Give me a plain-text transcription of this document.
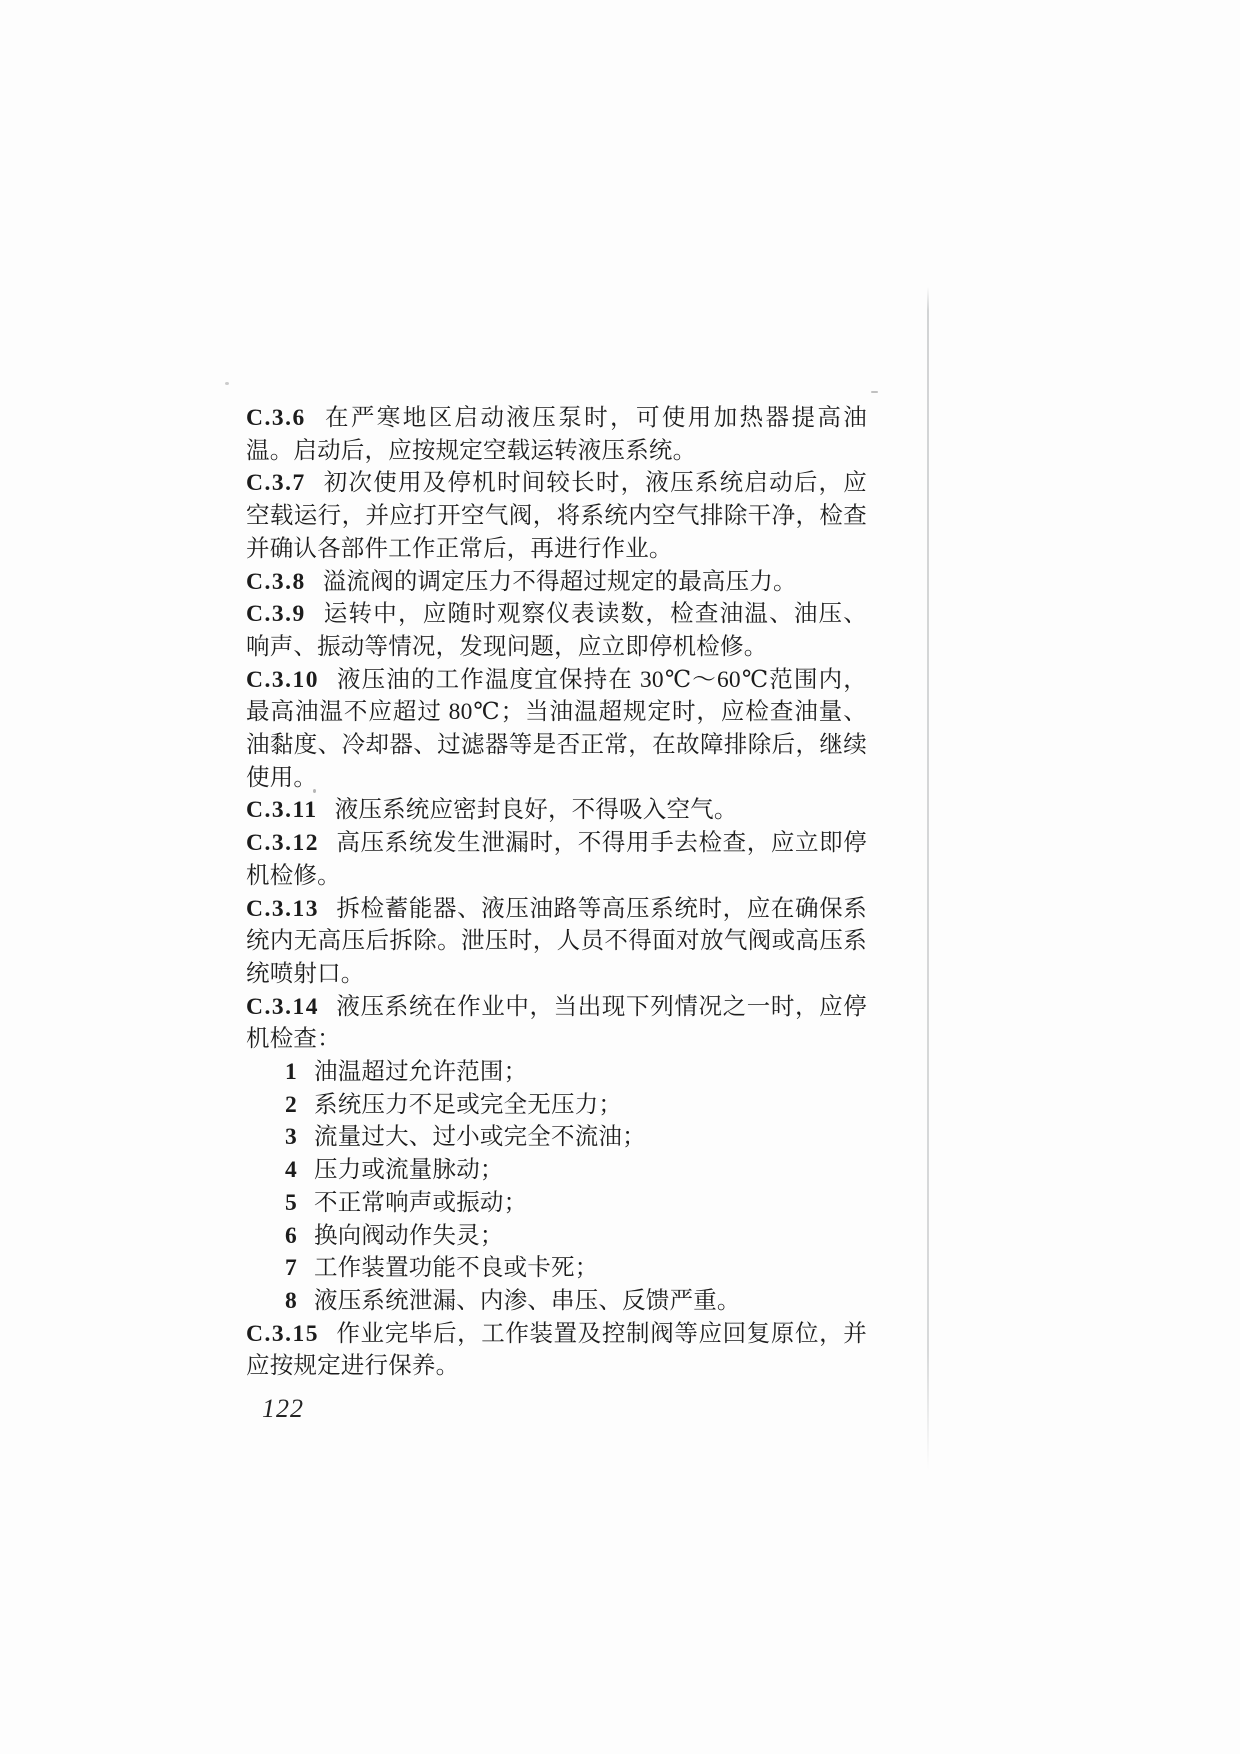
C.3.6 在严寒地区启动液压泵时，可使用加热器提高油温。启动后，应按规定空载运转液压系统。

C.3.7 初次使用及停机时间较长时，液压系统启动后，应空载运行，并应打开空气阀，将系统内空气排除干净，检查并确认各部件工作正常后，再进行作业。

C.3.8 溢流阀的调定压力不得超过规定的最高压力。

C.3.9 运转中，应随时观察仪表读数，检查油温、油压、响声、振动等情况，发现问题，应立即停机检修。

C.3.10 液压油的工作温度宜保持在 30℃～60℃范围内，最高油温不应超过 80℃；当油温超规定时，应检查油量、油黏度、冷却器、过滤器等是否正常，在故障排除后，继续使用。

C.3.11 液压系统应密封良好，不得吸入空气。

C.3.12 高压系统发生泄漏时，不得用手去检查，应立即停机检修。

C.3.13 拆检蓄能器、液压油路等高压系统时，应在确保系统内无高压后拆除。泄压时，人员不得面对放气阀或高压系统喷射口。

C.3.14 液压系统在作业中，当出现下列情况之一时，应停机检查：

1 油温超过允许范围；

2 系统压力不足或完全无压力；

3 流量过大、过小或完全不流油；

4 压力或流量脉动；

5 不正常响声或振动；

6 换向阀动作失灵；

7 工作装置功能不良或卡死；

8 液压系统泄漏、内渗、串压、反馈严重。

C.3.15 作业完毕后，工作装置及控制阀等应回复原位，并应按规定进行保养。

122
